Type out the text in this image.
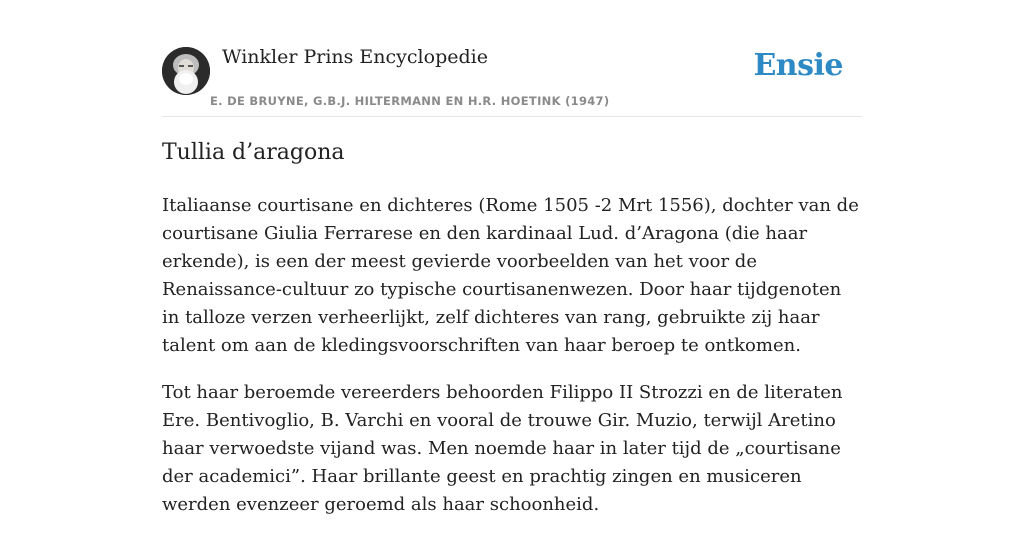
Winkler Prins Encyclopedie
E. DE BRUYNE, G.B.J. HILTERMANN EN H.R. HOETINK (1947)
Ensie
Tullia d’aragona

Italiaanse courtisane en dichteres (Rome 1505 -2 Mrt 1556), dochter van de courtisane Giulia Ferrarese en den kardinaal Lud. d’Aragona (die haar erkende), is een der meest gevierde voorbeelden van het voor de Renaissance-cultuur zo typische courtisanenwezen. Door haar tijdgenoten in talloze verzen verheerlijkt, zelf dichteres van rang, gebruikte zij haar talent om aan de kledingsvoorschriften van haar beroep te ontkomen.

Tot haar beroemde vereerders behoorden Filippo II Strozzi en de literaten Ere. Bentivoglio, B. Varchi en vooral de trouwe Gir. Muzio, terwijl Aretino haar verwoedste vijand was. Men noemde haar in later tijd de „courtisane der academici”. Haar brillante geest en prachtig zingen en musiceren werden evenzeer geroemd als haar schoonheid.
